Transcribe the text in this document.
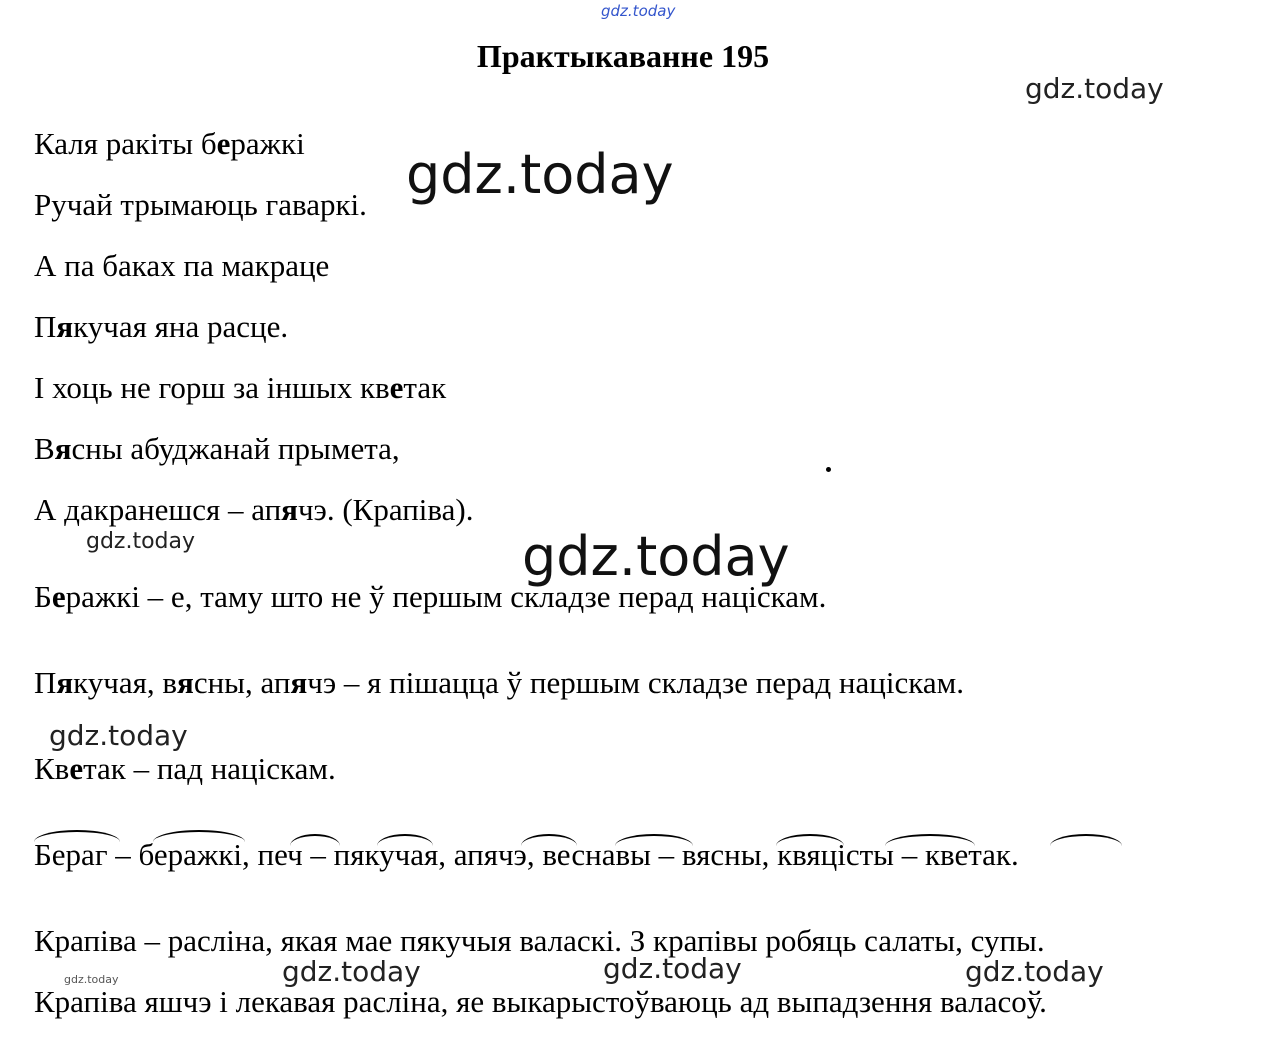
gdz.today
Практыкаванне 195
gdz.today
Каля ракіты беражкі
Ручай трымаюць гаваркі.
А па баках па макраце
Пякучая яна расце.
І хоць не горш за іншых кветак
Вясны абуджанай прымета,
А дакранешся – апячэ. (Крапіва).
gdz.today
gdz.today
Беражкі – е, таму што не ў першым складзе перад націскам.
gdz.today
Пякучая, вясны, апячэ – я пішацца ў першым складзе перад націскам.
gdz.today
Кветак – пад націскам.
Бераг – беражкі, печ – пякучая, апячэ, веснавы – вясны, квяцісты – кветак.
Крапіва – расліна, якая мае пякучыя валаскі. З крапівы робяць салаты, супы.
gdz.today	gdz.today	gdz.today	gdz.today
Крапіва яшчэ і лекавая расліна, яе выкарыстоўваюць ад выпадзення валасоў.
